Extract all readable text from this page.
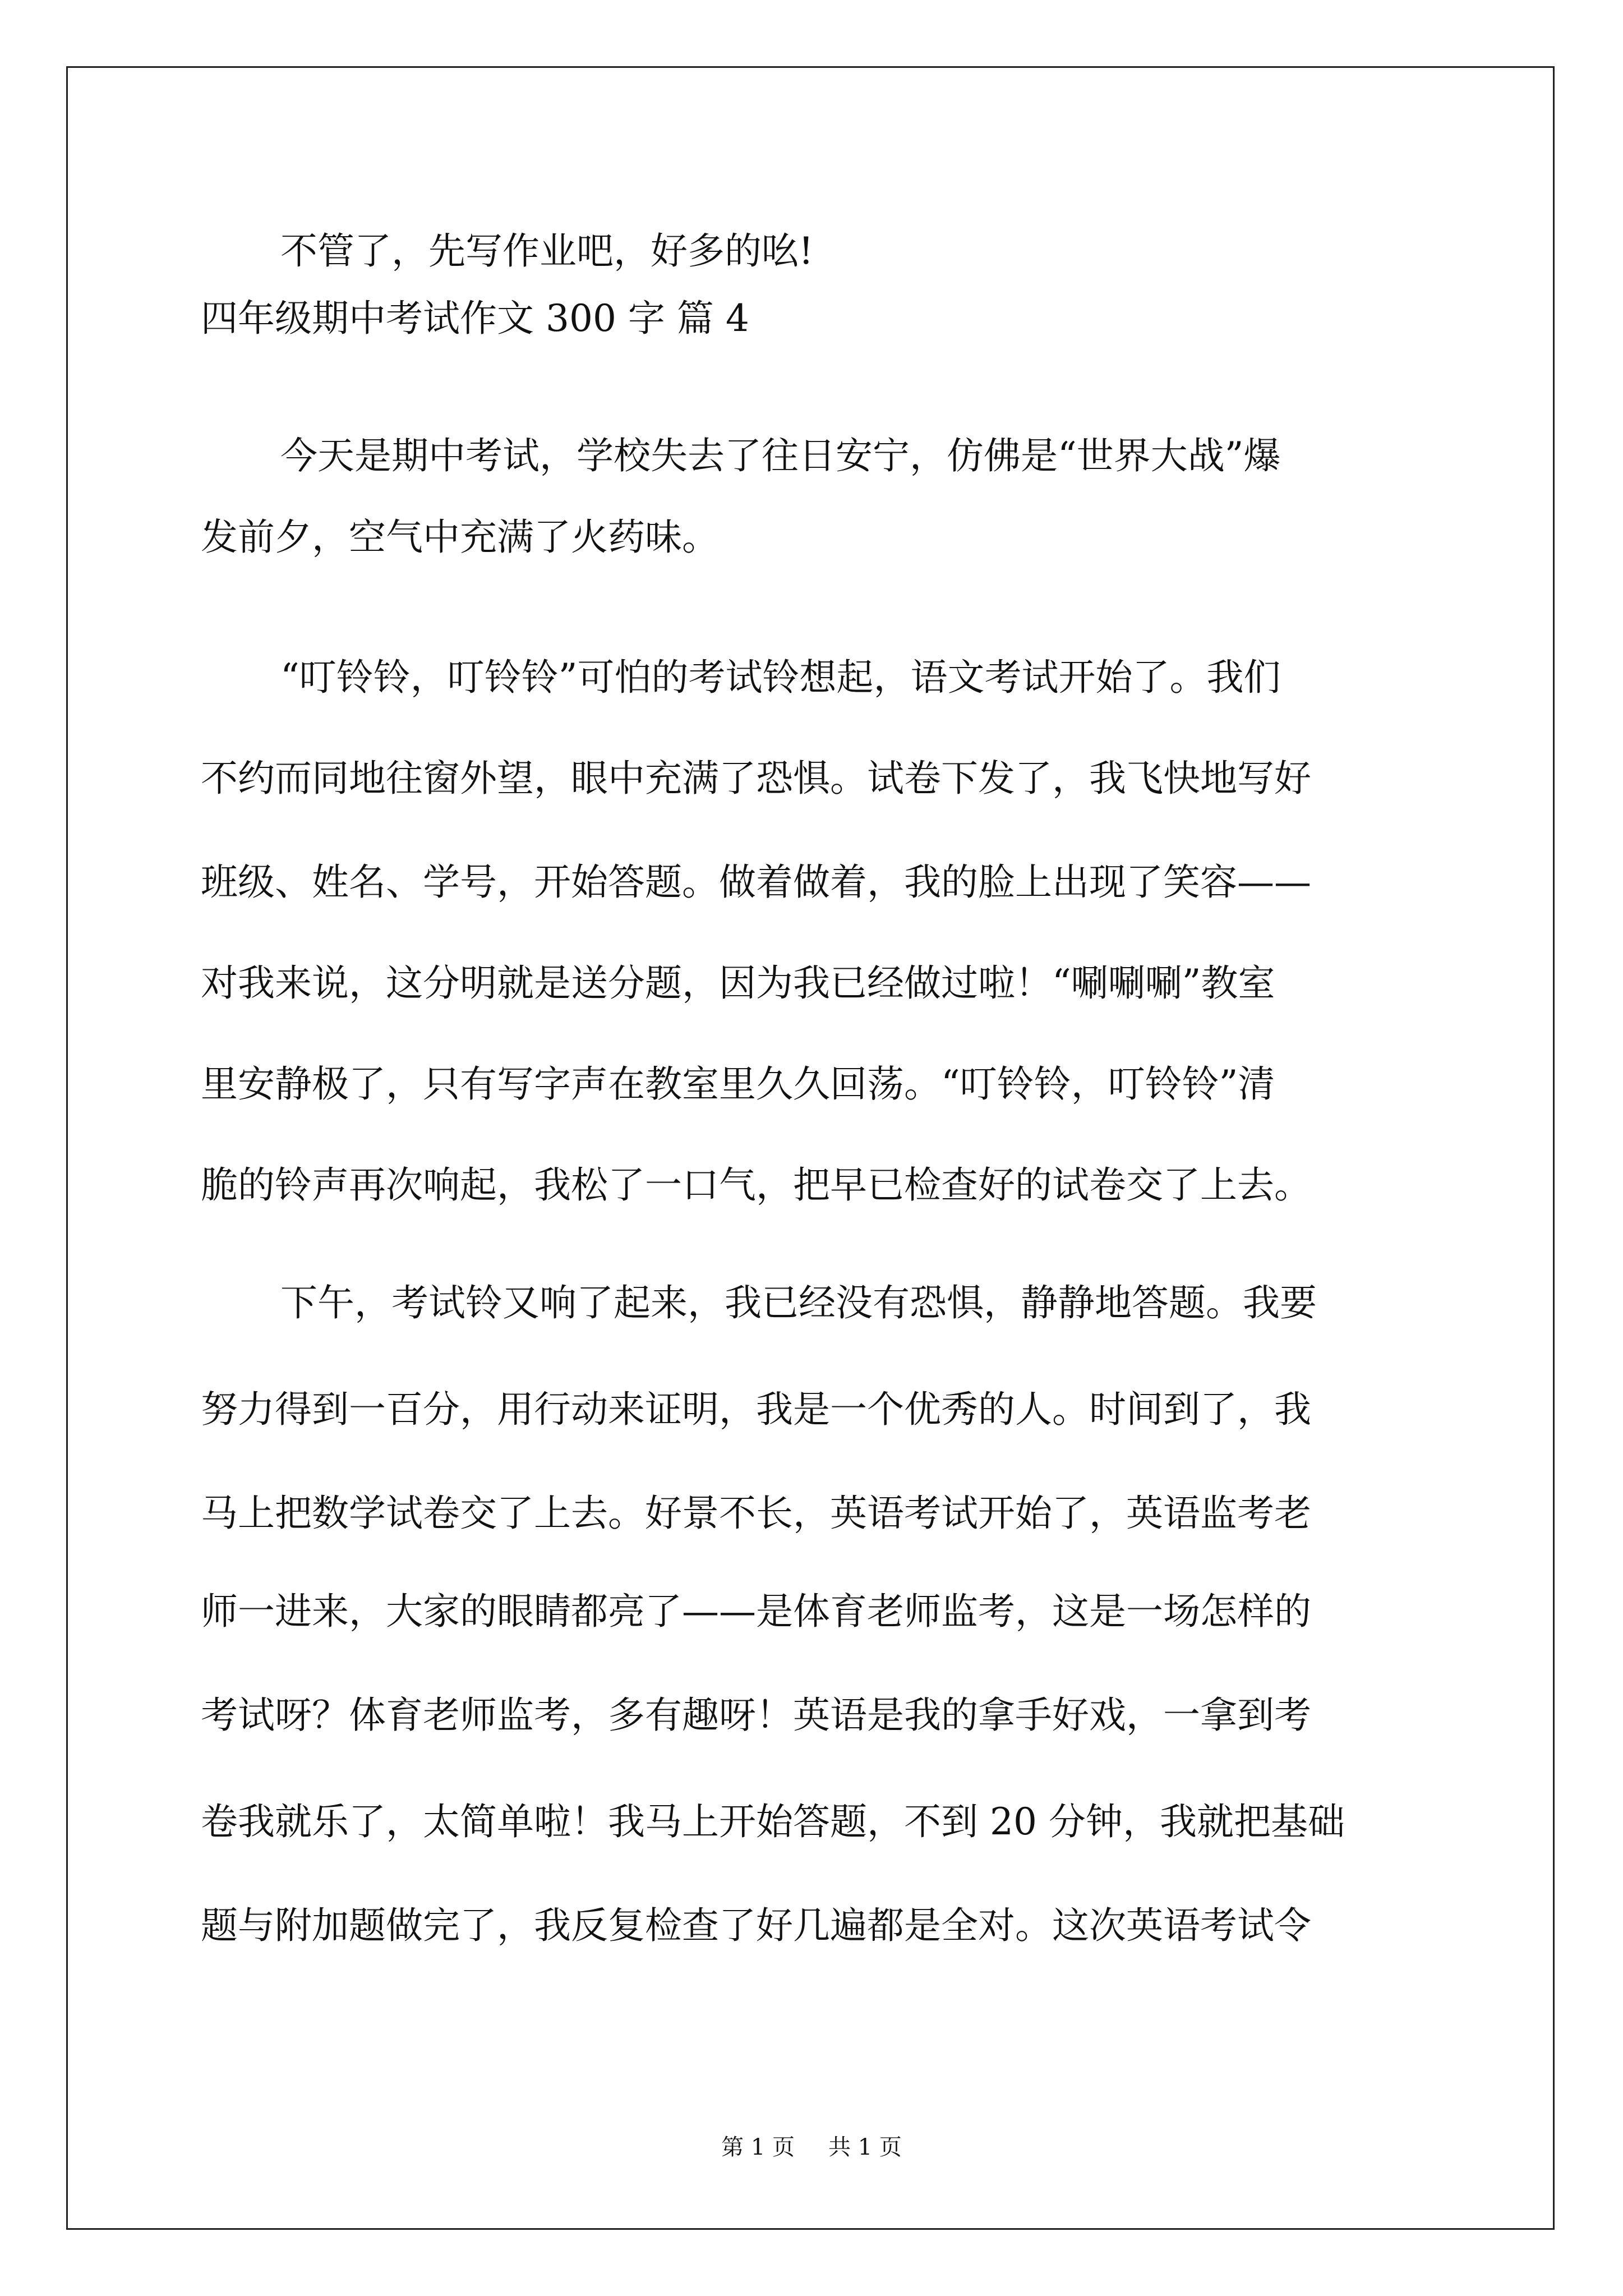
不管了，先写作业吧，好多的吆!
四年级期中考试作文 300 字 篇 4
今天是期中考试，学校失去了往日安宁，仿佛是“世界大战”爆
发前夕，空气中充满了火药味。
“叮铃铃，叮铃铃”可怕的考试铃想起，语文考试开始了。我们
不约而同地往窗外望，眼中充满了恐惧。试卷下发了，我飞快地写好
班级、姓名、学号，开始答题。做着做着，我的脸上出现了笑容——
对我来说，这分明就是送分题，因为我已经做过啦！“唰唰唰”教室
里安静极了，只有写字声在教室里久久回荡。“叮铃铃，叮铃铃”清
脆的铃声再次响起，我松了一口气，把早已检查好的试卷交了上去。
下午，考试铃又响了起来，我已经没有恐惧，静静地答题。我要
努力得到一百分，用行动来证明，我是一个优秀的人。时间到了，我
马上把数学试卷交了上去。好景不长，英语考试开始了，英语监考老
师一进来，大家的眼睛都亮了——是体育老师监考，这是一场怎样的
考试呀？体育老师监考，多有趣呀！英语是我的拿手好戏，一拿到考
卷我就乐了，太简单啦！我马上开始答题，不到 20 分钟，我就把基础
题与附加题做完了，我反复检查了好几遍都是全对。这次英语考试令
第 1 页 共 1 页
